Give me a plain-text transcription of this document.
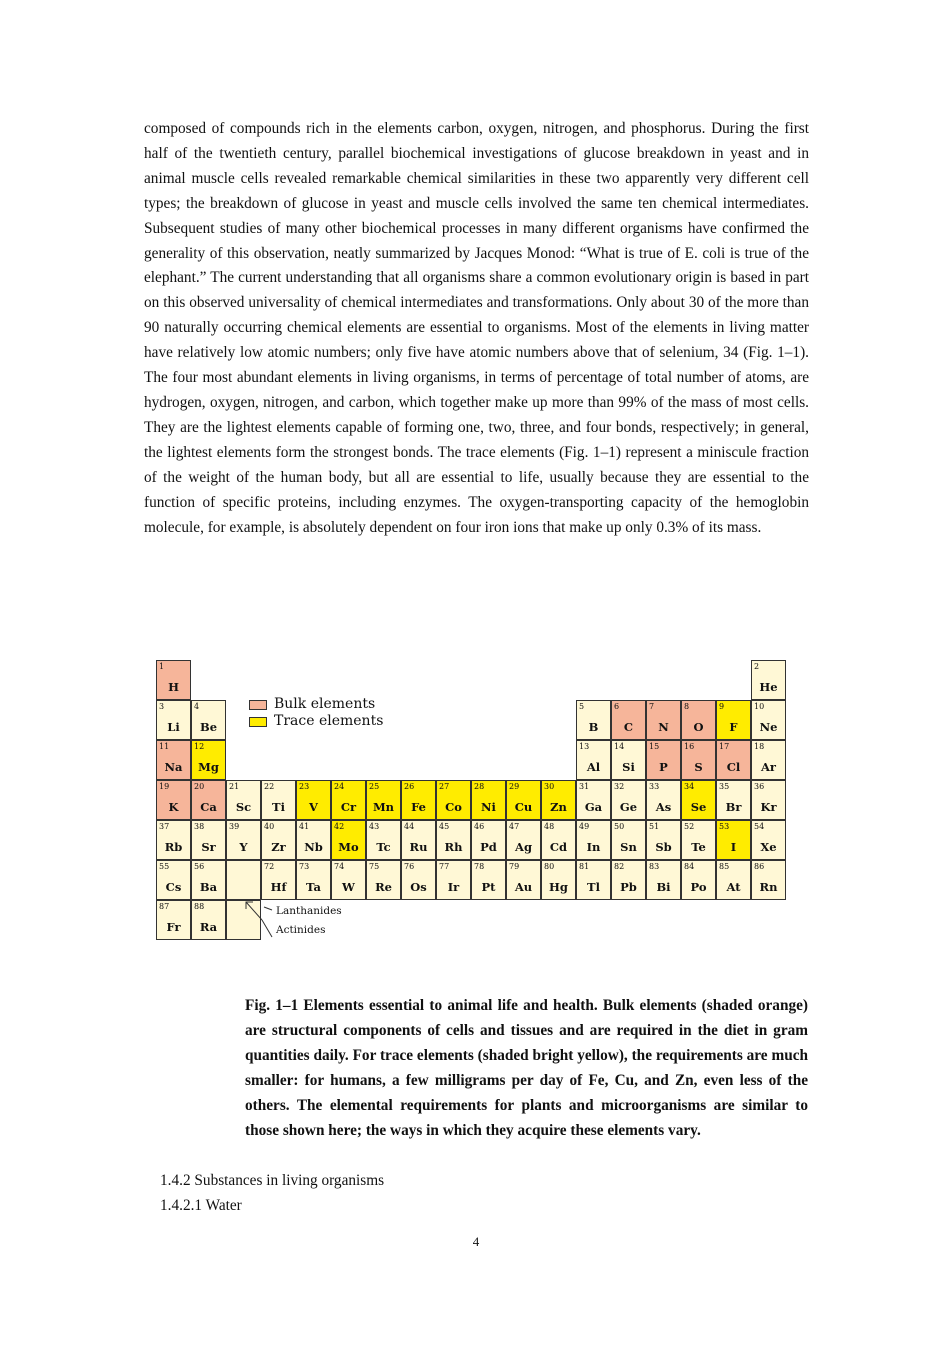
composed of compounds rich in the elements carbon, oxygen, nitrogen, and phosphorus. During the first half of the twentieth century, parallel biochemical investigations of glucose breakdown in yeast and in animal muscle cells revealed remarkable chemical similarities in these two apparently very different cell types; the breakdown of glucose in yeast and muscle cells involved the same ten chemical intermediates. Subsequent studies of many other biochemical processes in many different organisms have confirmed the generality of this observation, neatly summarized by Jacques Monod: “What is true of E. coli is true of the elephant.” The current understanding that all organisms share a common evolutionary origin is based in part on this observed universality of chemical intermediates and transformations. Only about 30 of the more than 90 naturally occurring chemical elements are essential to organisms. Most of the elements in living matter have relatively low atomic numbers; only five have atomic numbers above that of selenium, 34 (Fig. 1–1). The four most abundant elements in living organisms, in terms of percentage of total number of atoms, are hydrogen, oxygen, nitrogen, and carbon, which together make up more than 99% of the mass of most cells. They are the lightest elements capable of forming one, two, three, and four bonds, respectively; in general, the lightest elements form the strongest bonds. The trace elements (Fig. 1–1) represent a miniscule fraction of the weight of the human body, but all are essential to life, usually because they are essential to the function of specific proteins, including enzymes. The oxygen-transporting capacity of the hemoglobin molecule, for example, is absolutely dependent on four iron ions that make up only 0.3% of its mass.

1
H
2
He
3
Li
4
Be
5
B
6
C
7
N
8
O
9
F
10
Ne
11
Na
12
Mg
13
Al
14
Si
15
P
16
S
17
Cl
18
Ar
19
K
20
Ca
21
Sc
22
Ti
23
V
24
Cr
25
Mn
26
Fe
27
Co
28
Ni
29
Cu
30
Zn
31
Ga
32
Ge
33
As
34
Se
35
Br
36
Kr
37
Rb
38
Sr
39
Y
40
Zr
41
Nb
42
Mo
43
Tc
44
Ru
45
Rh
46
Pd
47
Ag
48
Cd
49
In
50
Sn
51
Sb
52
Te
53
I
54
Xe
55
Cs
56
Ba
72
Hf
73
Ta
74
W
75
Re
76
Os
77
Ir
78
Pt
79
Au
80
Hg
81
Tl
82
Pb
83
Bi
84
Po
85
At
86
Rn
87
Fr
88
Ra
Bulk elements
Trace elements
Lanthanides
Actinides

Fig. 1–1 Elements essential to animal life and health. Bulk elements (shaded orange) are structural components of cells and tissues and are required in the diet in gram quantities daily. For trace elements (shaded bright yellow), the requirements are much smaller: for humans, a few milligrams per day of Fe, Cu, and Zn, even less of the others. The elemental requirements for plants and microorganisms are similar to those shown here; the ways in which they acquire these elements vary.

1.4.2 Substances in living organisms
1.4.2.1 Water
4
